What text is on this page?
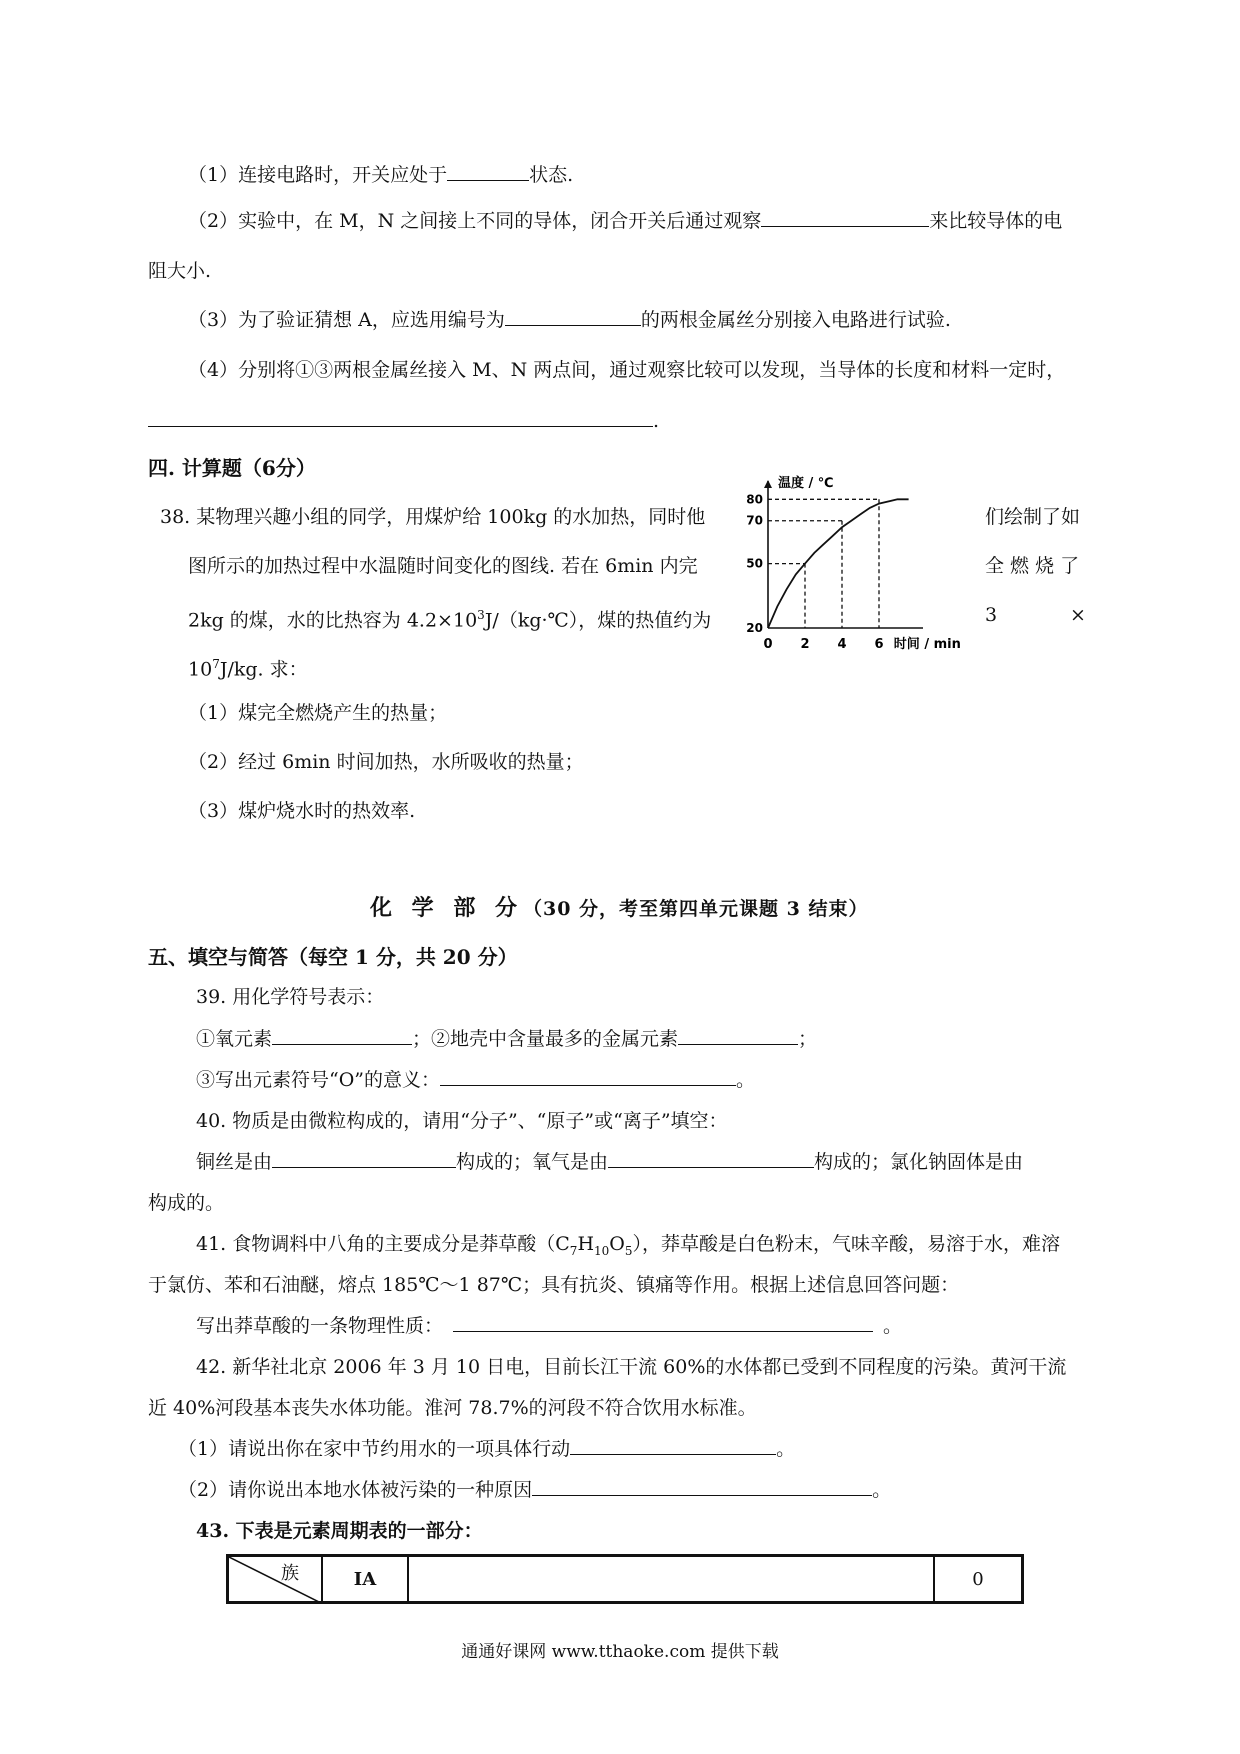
（1）连接电路时，开关应处于	状态.
（2）实验中，在 M，N 之间接上不同的导体，闭合开关后通过观察	来比较导体的电
阻大小.
（3）为了验证猜想 A，应选用编号为	的两根金属丝分别接入电路进行试验.
（4）分别将①③两根金属丝接入 M、N 两点间，通过观察比较可以发现，当导体的长度和材料一定时，
.
四. 计算题（6分）
38. 某物理兴趣小组的同学，用煤炉给 100kg 的水加热，同时他	们绘制了如
图所示的加热过程中水温随时间变化的图线. 若在 6min 内完	全 燃 烧 了
2kg 的煤，水的比热容为 $4.2\times 10^3J/(kg\cdot℃)$，煤的热值约为	3	×
$10^7J/kg$. 求：
（1）煤完全燃烧产生的热量；
（2）经过 6min 时间加热，水所吸收的热量；
（3）煤炉烧水时的热效率.
温度 / ℃
时间 / min
0 2 4 6
20
50
70
80
化 学 部 分（30 分，考至第四单元课题 3 结束）
五、填空与简答（每空 1 分，共 20 分）
39. 用化学符号表示：
①氧元素	；②地壳中含量最多的金属元素	；
③写出元素符号“O”的意义：	。
40. 物质是由微粒构成的，请用“分子”、“原子”或“离子”填空：
铜丝是由	构成的；氧气是由	构成的；氯化钠固体是由
构成的。
41. 食物调料中八角的主要成分是莽草酸$(C_7H_{10}O_5)$，莽草酸是白色粉末，气味辛酸，易溶于水，难溶
于氯仿、苯和石油醚，熔点 185℃～1 87℃；具有抗炎、镇痛等作用。根据上述信息回答问题：
写出莽草酸的一条物理性质：	。
42. 新华社北京 2006 年 3 月 10 日电，目前长江干流 60%的水体都已受到不同程度的污染。黄河干流
近 40%河段基本丧失水体功能。淮河 78.7%的河段不符合饮用水标准。
（1）请说出你在家中节约用水的一项具体行动	。
（2）请你说出本地水体被污染的一种原因	。
43. 下表是元素周期表的一部分：
族	IA		0
通通好课网 www.tthaoke.com 提供下载
